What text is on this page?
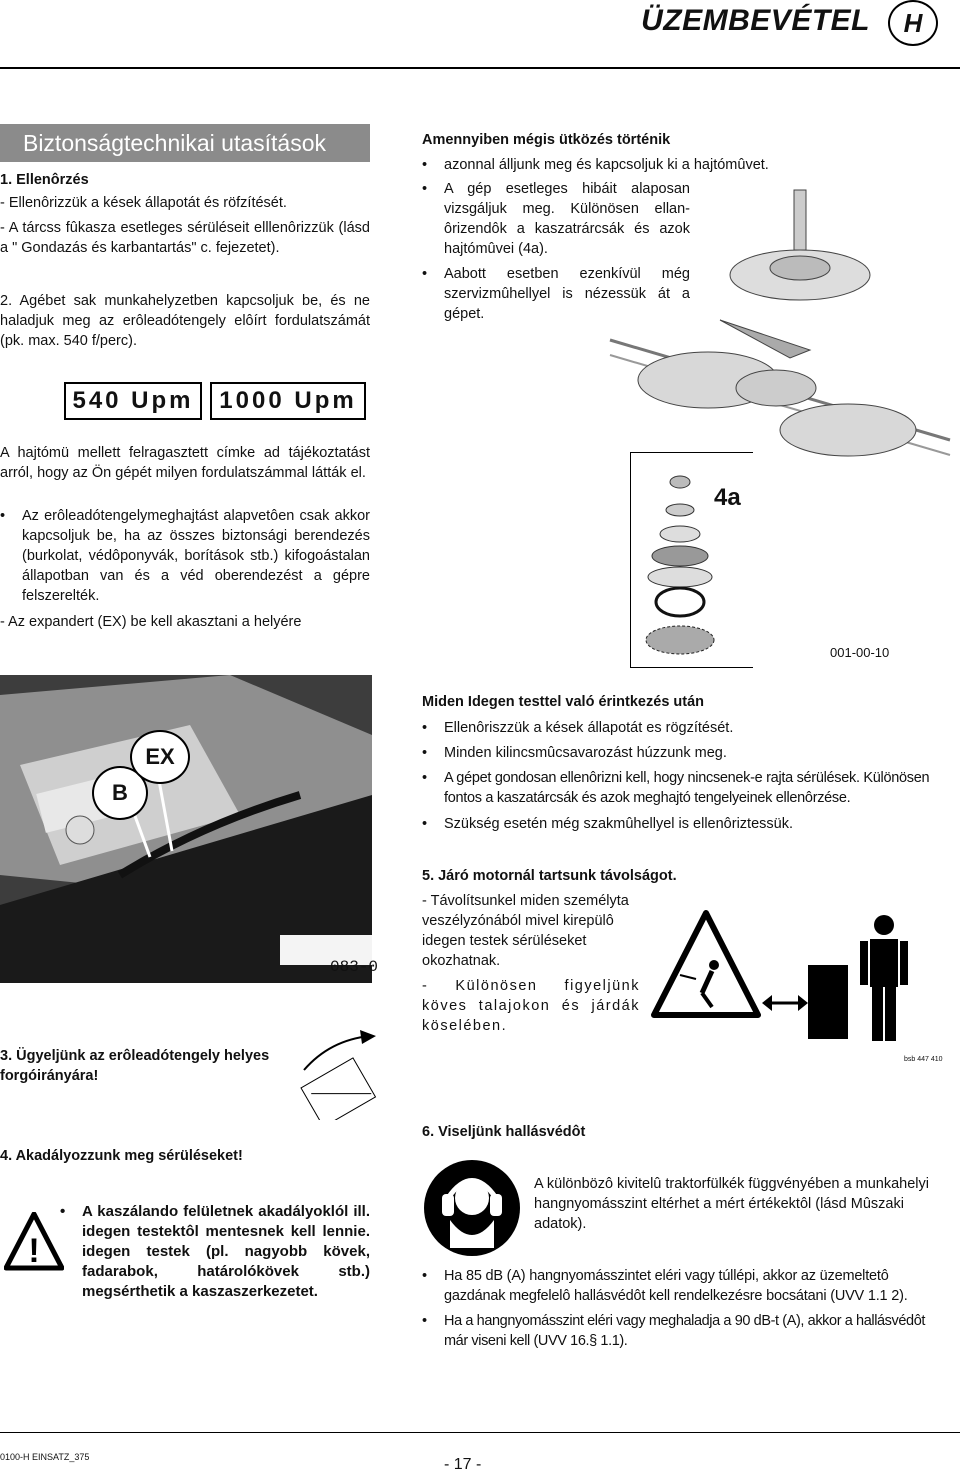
ÜZEMBEVÉTEL	H
Biztonságtechnikai utasítások
1. Ellenôrzés
- Ellenôrizzük a kések állapotát és röfzítését.
- A tárcss fûkasza esetleges sérüléseit elllenôrizzük (lásd a " Gondazás és karbantartás" c. fejezetet).
2. Agébet sak munkahelyzetben kapcsoljuk be, és ne haladjuk meg az erôleadótengely elôírt fordulatszámát (pk. max. 540 f/perc).
540 Upm	1000 Upm
A hajtómü mellett felragasztett címke ad tájékoztatást arról, hogy az Ön gépét milyen fordulatszámmal látták el.
• Az erôleadótengelymeghajtást alapvetôen csak akkor kapcsoljuk be, ha az összes biztonsági berendezés (burkolat, védôponyvák, borítások stb.) kifogoástalan állapotban van és a véd oberendezést a gépre felszerelték.
- Az expandert (EX) be kell akasztani a helyére
B
EX
083-0
3. Ügyeljünk az erôleadótengely helyes forgóirányára!
4. Akadályozzunk meg sérüléseket!
!
• A kaszálando felületnek akadályoklól ill. idegen testektôl mentesnek kell lennie. idegen testek (pl. nagyobb kövek, fadarabok, határolókövek stb.) megsérthetik a kaszaszerkezetet.
Amennyiben mégis ütközés történik
• azonnal álljunk meg és kapcsoljuk ki a hajtómûvet.
• A gép esetleges hibáit alaposan vizsgáljuk meg. Különösen ellan-ôrizendôk a kaszatrárcsák és azok hajtómûvei (4a).
• Aabott esetben ezenkívül még szervizmûhellyel is nézessük át a gépet.
4a
001-00-10
Miden Idegen testtel való érintkezés után
• Ellenôriszzük a kések állapotát es rögzítését.
• Minden kilincsmûcsavarozást húzzunk meg.
• A gépet gondosan ellenôrizni kell, hogy nincsenek-e rajta sérülések. Különösen fontos a kaszatárcsák és azok meghajtó tengelyeinek ellenôrzése.
• Szükség esetén még szakmûhellyel is ellenôriztessük.
5. Járó motornál tartsunk távolságot.
- Távolítsunkel miden személyta veszélyzónából mivel kirepülô idegen testek sérüléseket okozhatnak.
- Különösen figyeljünk köves talajokon és járdák köselében.
bsb 447 410
6. Viseljünk hallásvédôt
A különbözô kivitelû traktorfülkék függvényében a munkahelyi hangnyomásszint eltérhet a mért értékektôl (lásd Mûszaki adatok).
• Ha 85 dB (A) hangnyomásszintet eléri vagy túllépi, akkor az üzemeltetô gazdának megfelelô hallásvédôt kell rendelkezésre bocsátani (UVV 1.1 2).
• Ha a hangnyomásszint eléri vagy meghaladja a 90 dB-t (A), akkor a hallásvédôt már viseni kell (UVV 16.§ 1.1).
0100-H EINSATZ_375	- 17 -
